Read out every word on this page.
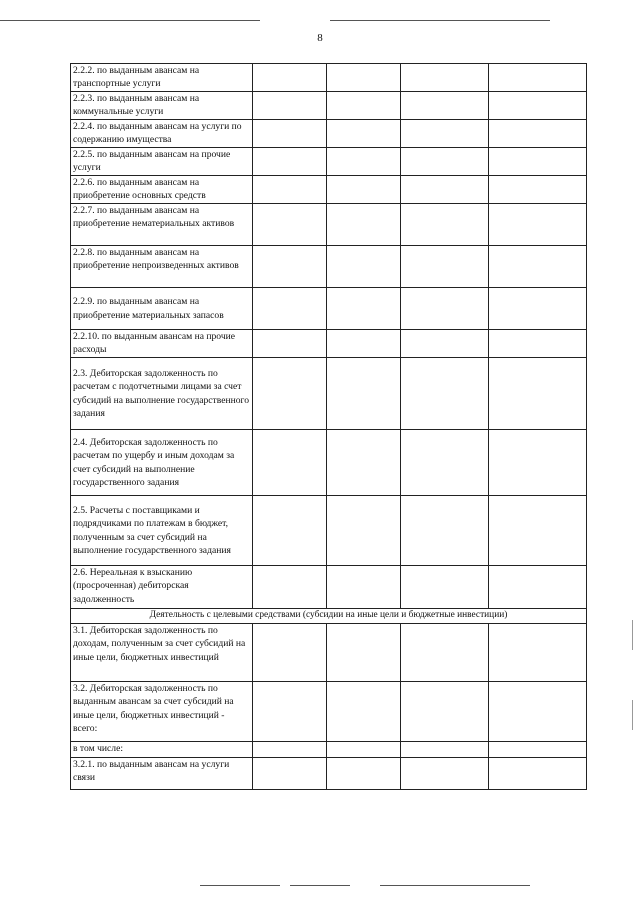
8
2.2.2. по выданным авансам на транспортные услуги				
2.2.3. по выданным авансам на коммунальные услуги				
2.2.4. по выданным авансам на услуги по содержанию имущества				
2.2.5. по выданным авансам на прочие услуги				
2.2.6. по выданным авансам на приобретение основных средств				
2.2.7. по выданным авансам на приобретение нематериальных активов				
2.2.8. по выданным авансам на приобретение непроизведенных активов				
2.2.9. по выданным авансам на приобретение материальных запасов				
2.2.10. по выданным авансам на прочие расходы				
2.3. Дебиторская задолженность по расчетам с подотчетными лицами за счет субсидий на выполнение государственного задания				
2.4. Дебиторская задолженность по расчетам по ущербу и иным доходам за счет субсидий на выполнение государственного задания				
2.5. Расчеты с поставщиками и подрядчиками по платежам в бюджет, полученным за счет субсидий на выполнение государственного задания				
2.6. Нереальная к взысканию (просроченная) дебиторская задолженность				
Деятельность с целевыми средствами (субсидии на иные цели и бюджетные инвестиции)				
3.1. Дебиторская задолженность по доходам, полученным за счет субсидий на иные цели, бюджетных инвестиций				
3.2. Дебиторская задолженность по выданным авансам за счет субсидий на иные цели, бюджетных инвестиций - всего:				
в том числе:				
3.2.1. по выданным авансам на услуги связи				
